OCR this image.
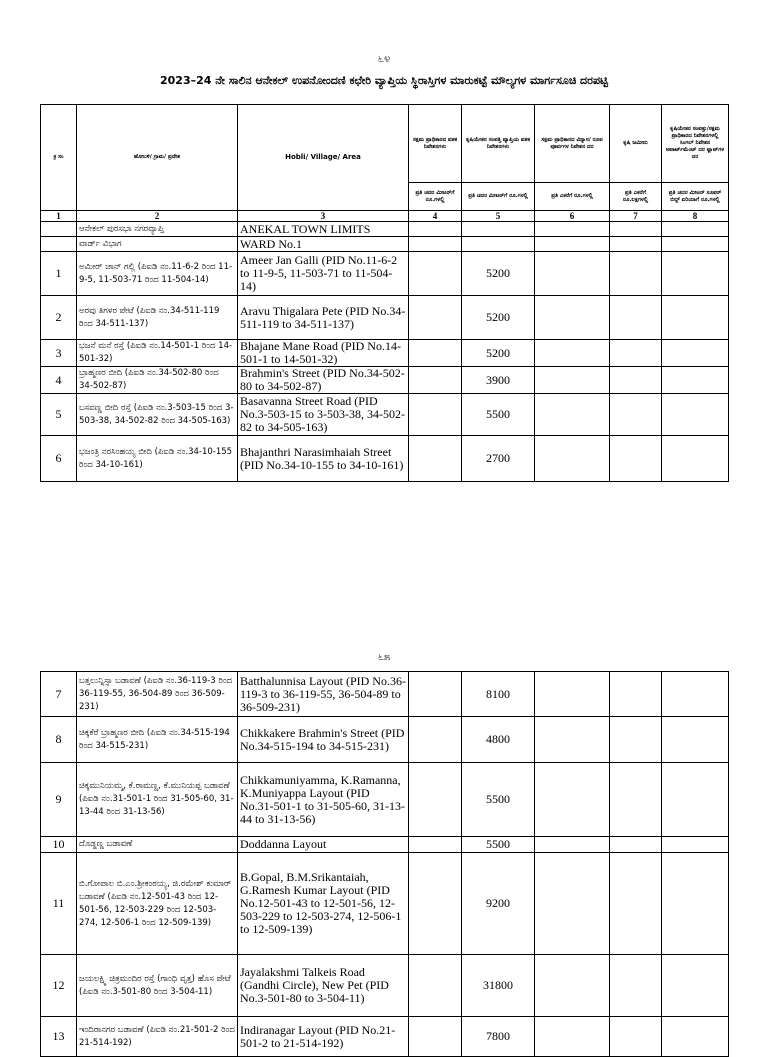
೬೪
2023–24 ನೇ ಸಾಲಿನ ಆನೇಕಲ್ ಉಪನೋಂದಣಿ ಕಛೇರಿ ವ್ಯಾಪ್ತಿಯ ಸ್ಥಿರಾಸ್ತಿಗಳ ಮಾರುಕಟ್ಟೆ ಮೌಲ್ಯಗಳ ಮಾರ್ಗಸೂಚಿ ದರಪಟ್ಟಿ
ಕ್ರ ಸಂ	ಹೋಬಳಿ/ ಗ್ರಾಮ/ ಪ್ರದೇಶ	Hobli/ Village/ Area	ಸಕ್ಷಮ ಪ್ರಾಧಿಕಾರದ ವಶಕ ನಿವೇಶನಗಳು	ಕೃಷಿಯೇತರ ಸಂಪತ್ತಿ ವ್ಯಾಪ್ತಿಯ ವಶಕ ನಿವೇಶನಗಳು	ಸಕ್ಷಮ ಪ್ರಾಧಿಕಾರದ ವಿನ್ಯಾಸ/ ರೂಪ ಪೂರ್ವಗಳ ನಿವೇಶನ ದರ	ಕೃಷಿ ಜಮೀನು	ಕೃಷಿಯೇತರ ಸಂಪತ್ತು/ಸಕ್ಷಮ ಪ್ರಾಧಿಕಾರದ ನಿವೇಶನಗಳಲ್ಲಿ ಸಿಂಗಲ್ ನಿವೇಶನ ಅಪಾರ್ಟ್‌ಮೆಂಟ್ ದರ ಫ್ಲಾಟ್‌ಗಳ ದರ
			ಪ್ರತಿ ಚದರ ಮೀಟರ್‌ಗೆ ರೂ.ಗಳಲ್ಲಿ	ಪ್ರತಿ ಚದರ ಮೀಟರ್‌ಗೆ ರೂ.ಗಳಲ್ಲಿ	ಪ್ರತಿ ಎಕರೆಗೆ ರೂ.ಗಳಲ್ಲಿ	ಪ್ರತಿ ಎಕರೆಗೆ ರೂ.ಲಕ್ಷಗಳಲ್ಲಿ	ಪ್ರತಿ ಚದರ ಮೀಟರ್ ಸೂಪರ್ ಬಿಲ್ಟ್ ಏರಿಯಾಗೆ ರೂ.ಗಳಲ್ಲಿ
1	2	3	4	5	6	7	8
	ಆನೇಕಲ್ ಪುರಸಭಾ ನಗರವ್ಯಾಪ್ತಿ	ANEKAL TOWN LIMITS					
	ವಾರ್ಡ್ ವಿಭಾಗ	WARD No.1					
1	ಅಮೀರ್ ಜಾನ್ ಗಲ್ಲಿ (ಪಿಐಡಿ ನಂ.11-6-2 ರಿಂದ 11-9-5, 11-503-71 ರಿಂದ 11-504-14)	Ameer Jan Galli (PID No.11-6-2 to 11-9-5, 11-503-71 to 11-504-14)		5200			
2	ಅರವು ತಿಗಳರ ಪೇಟೆ (ಪಿಐಡಿ ನಂ.34-511-119 ರಿಂದ 34-511-137)	Aravu Thigalara Pete (PID No.34-511-119 to 34-511-137)		5200			
3	ಭಜನೆ ಮನೆ ರಸ್ತೆ (ಪಿಐಡಿ ನಂ.14-501-1 ರಿಂದ 14-501-32)	Bhajane Mane Road (PID No.14-501-1 to 14-501-32)		5200			
4	ಬ್ರಾಹ್ಮಣರ ಬೀದಿ (ಪಿಐಡಿ ನಂ.34-502-80 ರಿಂದ 34-502-87)	Brahmin's Street (PID No.34-502-80 to 34-502-87)		3900			
5	ಬಸವಣ್ಣ ಬೀದಿ ರಸ್ತೆ (ಪಿಐಡಿ ನಂ.3-503-15 ರಿಂದ 3-503-38, 34-502-82 ರಿಂದ 34-505-163)	Basavanna Street Road (PID No.3-503-15 to 3-503-38, 34-502-82 to 34-505-163)		5500			
6	ಭಜಂತ್ರಿ ನರಸಿಂಹಯ್ಯ ಬೀದಿ (ಪಿಐಡಿ ನಂ.34-10-155 ರಿಂದ 34-10-161)	Bhajanthri Narasimhaiah Street (PID No.34-10-155 to 34-10-161)		2700			
೬೫
7	ಬತ್ತಲುನ್ನಿಸ್ಸಾ ಬಡಾವಣೆ (ಪಿಐಡಿ ನಂ.36-119-3 ರಿಂದ 36-119-55, 36-504-89 ರಿಂದ 36-509-231)	Batthalunnisa Layout (PID No.36-119-3 to 36-119-55, 36-504-89 to 36-509-231)		8100			
8	ಚಿಕ್ಕಕೆರೆ ಬ್ರಾಹ್ಮಣರ ಬೀದಿ (ಪಿಐಡಿ ನಂ.34-515-194 ರಿಂದ 34-515-231)	Chikkakere Brahmin's Street (PID No.34-515-194 to 34-515-231)		4800			
9	ಚಿಕ್ಕಮುನಿಯಮ್ಮ, ಕೆ.ರಾಮಣ್ಣ, ಕೆ.ಮುನಿಯಪ್ಪ ಬಡಾವಣೆ (ಪಿಐಡಿ ನಂ.31-501-1 ರಿಂದ 31-505-60, 31-13-44 ರಿಂದ 31-13-56)	Chikkamuniyamma, K.Ramanna, K.Muniyappa Layout (PID No.31-501-1 to 31-505-60, 31-13-44 to 31-13-56)		5500			
10	ದೊಡ್ಡಣ್ಣ ಬಡಾವಣೆ	Doddanna Layout		5500			
11	ಬಿ.ಗೋಪಾಲ ಬಿ.ಎಂ.ಶ್ರೀಕಂಠಯ್ಯ, ಜಿ.ರಮೇಶ್ ಕುಮಾರ್ ಬಡಾವಣೆ (ಪಿಐಡಿ ನಂ.12-501-43 ರಿಂದ 12-501-56, 12-503-229 ರಿಂದ 12-503-274, 12-506-1 ರಿಂದ 12-509-139)	B.Gopal, B.M.Srikantaiah, G.Ramesh Kumar Layout (PID No.12-501-43 to 12-501-56, 12-503-229 to 12-503-274, 12-506-1 to 12-509-139)		9200			
12	ಜಯಲಕ್ಷ್ಮಿ ಚಿತ್ರಮಂದಿರ ರಸ್ತೆ (ಗಾಂಧಿ ವೃತ್ತ) ಹೊಸ ಪೇಟೆ (ಪಿಐಡಿ ನಂ.3-501-80 ರಿಂದ 3-504-11)	Jayalakshmi Talkeis Road (Gandhi Circle), New Pet (PID No.3-501-80 to 3-504-11)		31800			
13	ಇಂದಿರಾನಗರ ಬಡಾವಣೆ (ಪಿಐಡಿ ನಂ.21-501-2 ರಿಂದ 21-514-192)	Indiranagar Layout (PID No.21-501-2 to 21-514-192)		7800			
